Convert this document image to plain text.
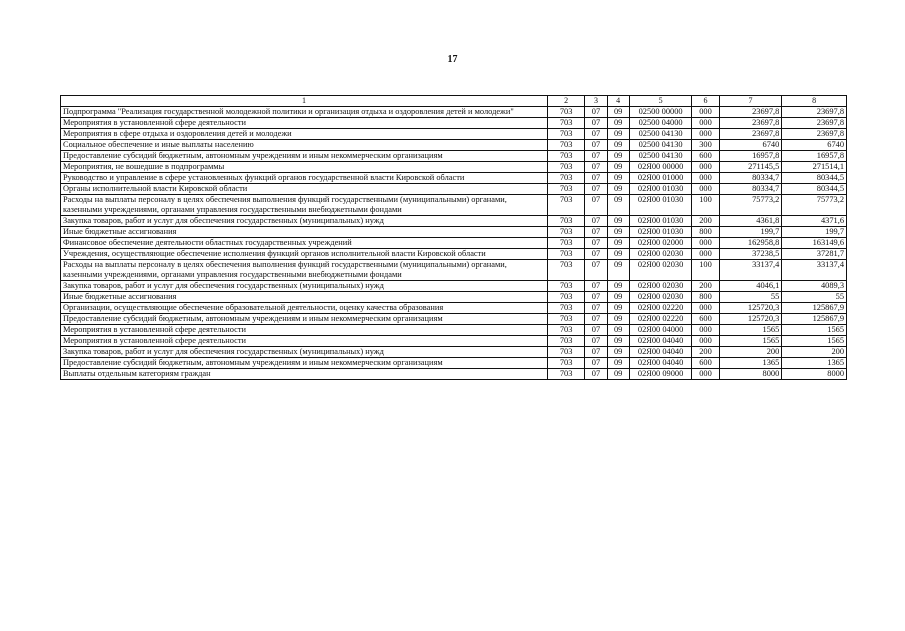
17
1	2	3	4	5	6	7	8
Подпрограмма "Реализация государственной молодежной политики и организация отдыха и оздоровления детей и молодежи"	703	07	09	02500 00000	000	23697,8	23697,8
Мероприятия в установленной сфере деятельности	703	07	09	02500 04000	000	23697,8	23697,8
Мероприятия в сфере отдыха и оздоровления детей и молодежи	703	07	09	02500 04130	000	23697,8	23697,8
Социальное обеспечение и иные выплаты населению	703	07	09	02500 04130	300	6740	6740
Предоставление субсидий бюджетным, автономным учреждениям и иным некоммерческим организациям	703	07	09	02500 04130	600	16957,8	16957,8
Мероприятия, не вошедшие в подпрограммы	703	07	09	02Я00 00000	000	271145,5	271514,1
Руководство и управление в сфере установленных функций органов государственной власти Кировской области	703	07	09	02Я00 01000	000	80334,7	80344,5
Органы исполнительной власти Кировской области	703	07	09	02Я00 01030	000	80334,7	80344,5
Расходы на выплаты персоналу в целях обеспечения выполнения функций государственными (муниципальными) органами, казенными учреждениями, органами управления государственными внебюджетными фондами	703	07	09	02Я00 01030	100	75773,2	75773,2
Закупка товаров, работ и услуг для обеспечения государственных (муниципальных) нужд	703	07	09	02Я00 01030	200	4361,8	4371,6
Иные бюджетные ассигнования	703	07	09	02Я00 01030	800	199,7	199,7
Финансовое обеспечение деятельности областных государственных учреждений	703	07	09	02Я00 02000	000	162958,8	163149,6
Учреждения, осуществляющие обеспечение исполнения функций органов исполнительной власти Кировской области	703	07	09	02Я00 02030	000	37238,5	37281,7
Расходы на выплаты персоналу в целях обеспечения выполнения функций государственными (муниципальными) органами, казенными учреждениями, органами управления государственными внебюджетными фондами	703	07	09	02Я00 02030	100	33137,4	33137,4
Закупка товаров, работ и услуг для обеспечения государственных (муниципальных) нужд	703	07	09	02Я00 02030	200	4046,1	4089,3
Иные бюджетные ассигнования	703	07	09	02Я00 02030	800	55	55
Организации, осуществляющие обеспечение образовательной деятельности, оценку качества образования	703	07	09	02Я00 02220	000	125720,3	125867,9
Предоставление субсидий бюджетным, автономным учреждениям и иным некоммерческим организациям	703	07	09	02Я00 02220	600	125720,3	125867,9
Мероприятия в установленной сфере деятельности	703	07	09	02Я00 04000	000	1565	1565
Мероприятия в установленной сфере деятельности	703	07	09	02Я00 04040	000	1565	1565
Закупка товаров, работ и услуг для обеспечения государственных (муниципальных) нужд	703	07	09	02Я00 04040	200	200	200
Предоставление субсидий бюджетным, автономным учреждениям и иным некоммерческим организациям	703	07	09	02Я00 04040	600	1365	1365
Выплаты отдельным категориям граждан	703	07	09	02Я00 09000	000	8000	8000
